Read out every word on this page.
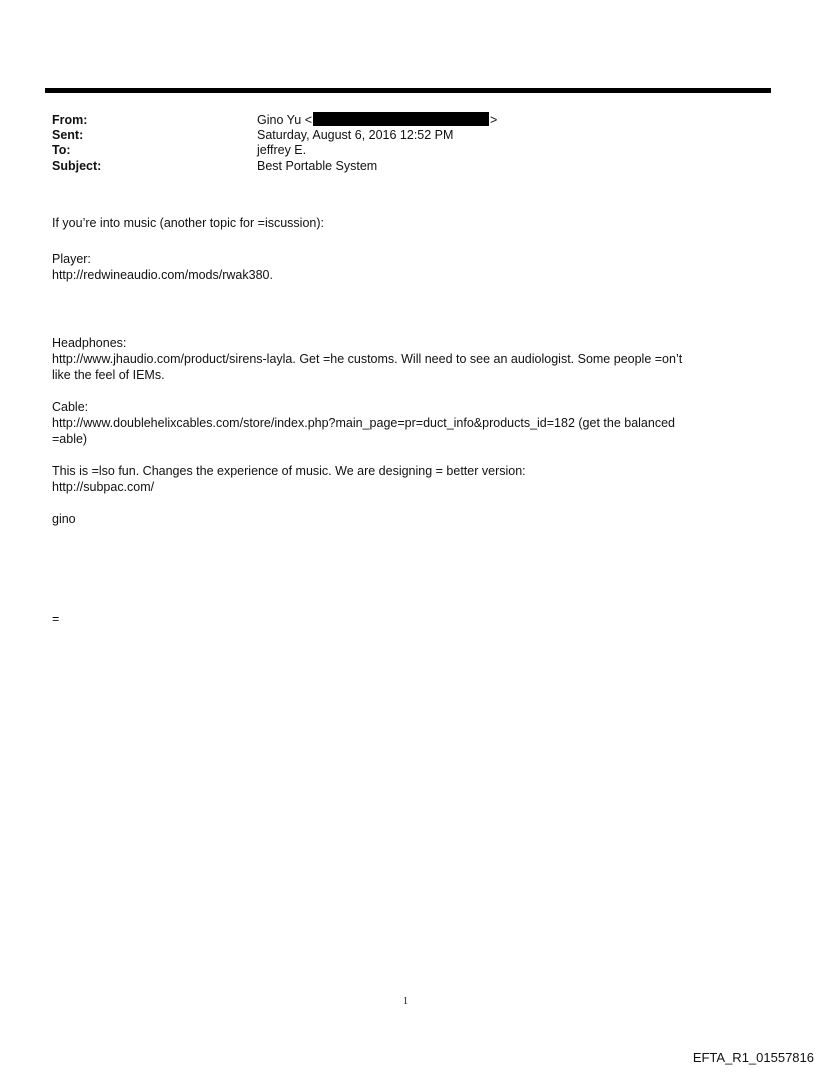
From:	Gino Yu <	>
Sent:	Saturday, August 6, 2016 12:52 PM
To:	jeffrey E.
Subject:	Best Portable System
If you’re into music (another topic for =iscussion):
Player:
http://redwineaudio.com/mods/rwak380.
Headphones:
http://www.jhaudio.com/product/sirens-layla. Get =he customs. Will need to see an audiologist. Some people =on’t
like the feel of IEMs.
Cable:
http://www.doublehelixcables.com/store/index.php?main_page=pr=duct_info&products_id=182 (get the balanced
=able)
This is =lso fun. Changes the experience of music. We are designing = better version:
http://subpac.com/
gino
=
1
EFTA_R1_01557816
